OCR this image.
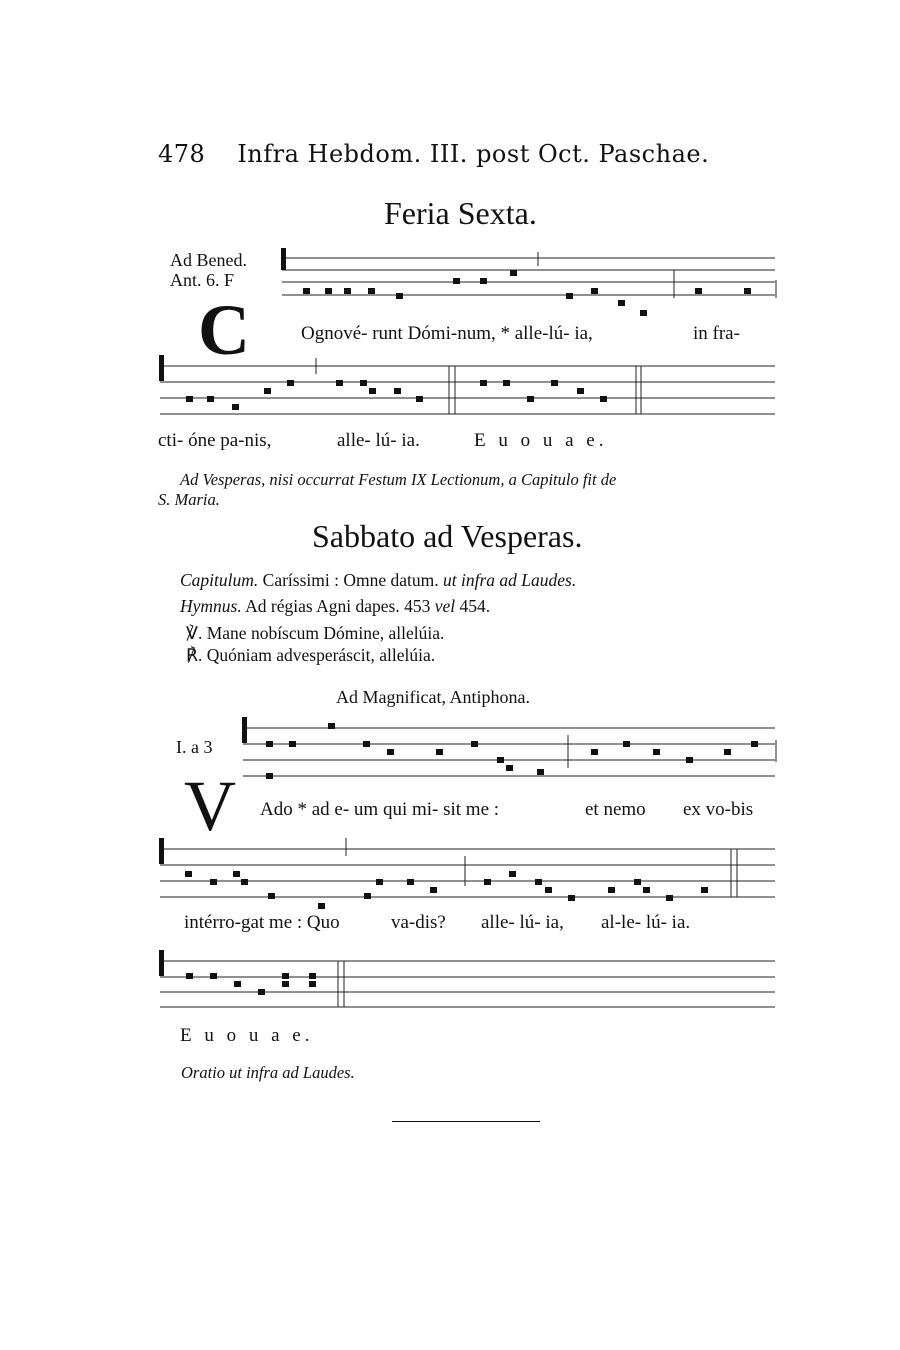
478 Infra Hebdom. III. post Oct. Paschae.
Feria Sexta.
Ad Bened.
Ant. 6. F
C	Ognové- runt Dómi-num, * alle-lú- ia,	in fra-
cti- óne pa-nis,	alle- lú- ia.	E u o u a e.
Ad Vesperas, nisi occurrat Festum IX Lectionum, a Capitulo fit de
S. Maria.
Sabbato ad Vesperas.
Capitulum. Caríssimi : Omne datum. ut infra ad Laudes.
Hymnus. Ad régias Agni dapes. 453 vel 454.
℣. Mane nobíscum Dómine, allelúia.
℟. Quóniam advesperáscit, allelúia.
Ad Magnificat, Antiphona.
I. a 3
V Ado * ad e- um qui mi- sit me :	et nemo ex vo-bis
intérro-gat me : Quo	va-dis? alle- lú- ia, al-le- lú- ia.
E u o u a e.
Oratio ut infra ad Laudes.
